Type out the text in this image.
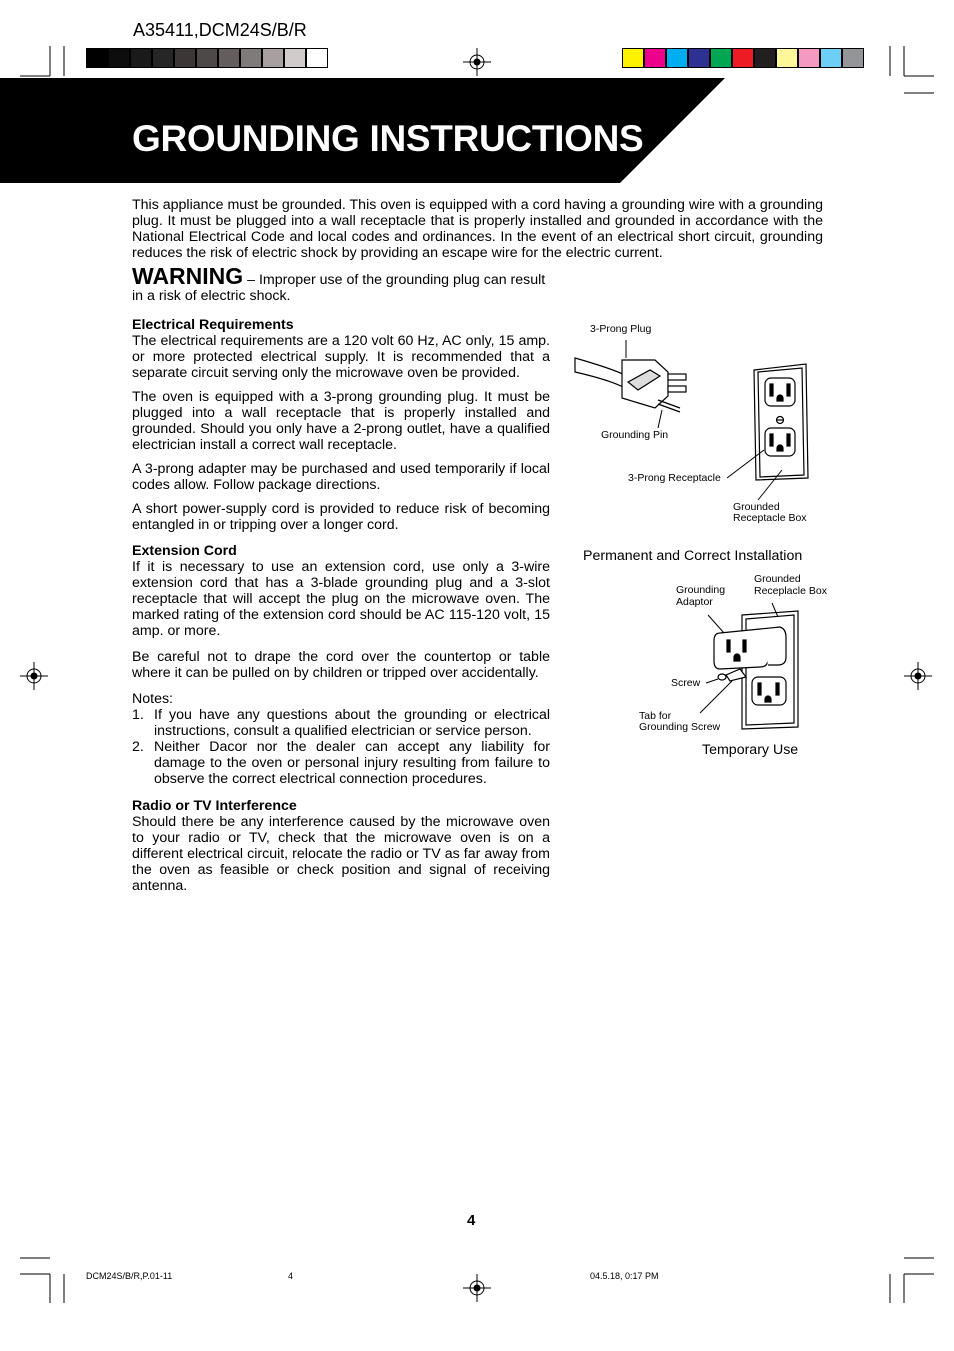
A35411,DCM24S/B/R
GROUNDING INSTRUCTIONS
This appliance must be grounded. This oven is equipped with a cord having a grounding wire with a grounding plug. It must be plugged into a wall receptacle that is properly installed and grounded in accordance with the National Electrical Code and local codes and ordinances. In the event of an electrical short circuit, grounding reduces the risk of electric shock by providing an escape wire for the electric current.
WARNING – Improper use of the grounding plug can result in a risk of electric shock.
Electrical Requirements

The electrical requirements are a 120 volt 60 Hz, AC only, 15 amp. or more protected electrical supply. It is recommended that a separate circuit serving only the microwave oven be provided.

The oven is equipped with a 3-prong grounding plug. It must be plugged into a wall receptacle that is properly installed and grounded. Should you only have a 2-prong outlet, have a qualified electrician install a correct wall receptacle.

A 3-prong adapter may be purchased and used temporarily if local codes allow. Follow package directions.

A short power-supply cord is provided to reduce risk of becoming entangled in or tripping over a longer cord.

Extension Cord

If it is necessary to use an extension cord, use only a 3-wire extension cord that has a 3-blade grounding plug and a 3-slot receptacle that will accept the plug on the microwave oven. The marked rating of the extension cord should be AC 115-120 volt, 15 amp. or more.

Be careful not to drape the cord over the countertop or table where it can be pulled on by children or tripped over accidentally.

Notes:

1. If you have any questions about the grounding or electrical instructions, consult a qualified electrician or service person.
2. Neither Dacor nor the dealer can accept any liability for damage to the oven or personal injury resulting from failure to observe the correct electrical connection procedures.
Radio or TV Interference

Should there be any interference caused by the microwave oven to your radio or TV, check that the microwave oven is on a different electrical circuit, relocate the radio or TV as far away from the oven as feasible or check position and signal of receiving antenna.

3-Prong Plug
Grounding Pin
3-Prong Receptacle
Grounded
Receptacle Box
Permanent and Correct Installation
Grounding
Adaptor
Grounded
Receplacle Box
Screw
Tab for
Grounding Screw
Temporary Use
4
DCM24S/B/R,P.01-11	4	04.5.18, 0:17 PM
